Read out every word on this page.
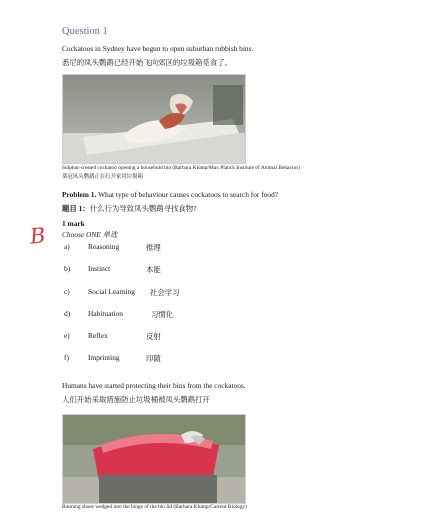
Question 1
Cockatoos in Sydney have begun to open suburban rubbish bins.
悉尼的凤头鹦鹉已经开始飞向郊区的垃圾箱觅食了。
Sulphur-crested cockatoo opening a household bin (Barbara Klump/Max Planck Institute of Animal Behavior)
葵冠凤头鹦鹉正在打开家用垃圾箱
Problem 1. What type of behaviour causes cockatoos to search for food?
题目 1：什么行为导致凤头鹦鹉寻找食物?
1 mark
Choose ONE 单选
B a) Reasoning	推理
b) Instinct	本能
c) Social Learning 社会学习
d) Habituation	习惯化
e) Reflex	反射
f)	Imprinting	印随
Humans have started protecting their bins from the cockatoos.
人们开始采取措施防止垃圾桶被凤头鹦鹉打开
Running shoes wedged into the hinge of the bin lid (Barbara Klump/Current Biology)
